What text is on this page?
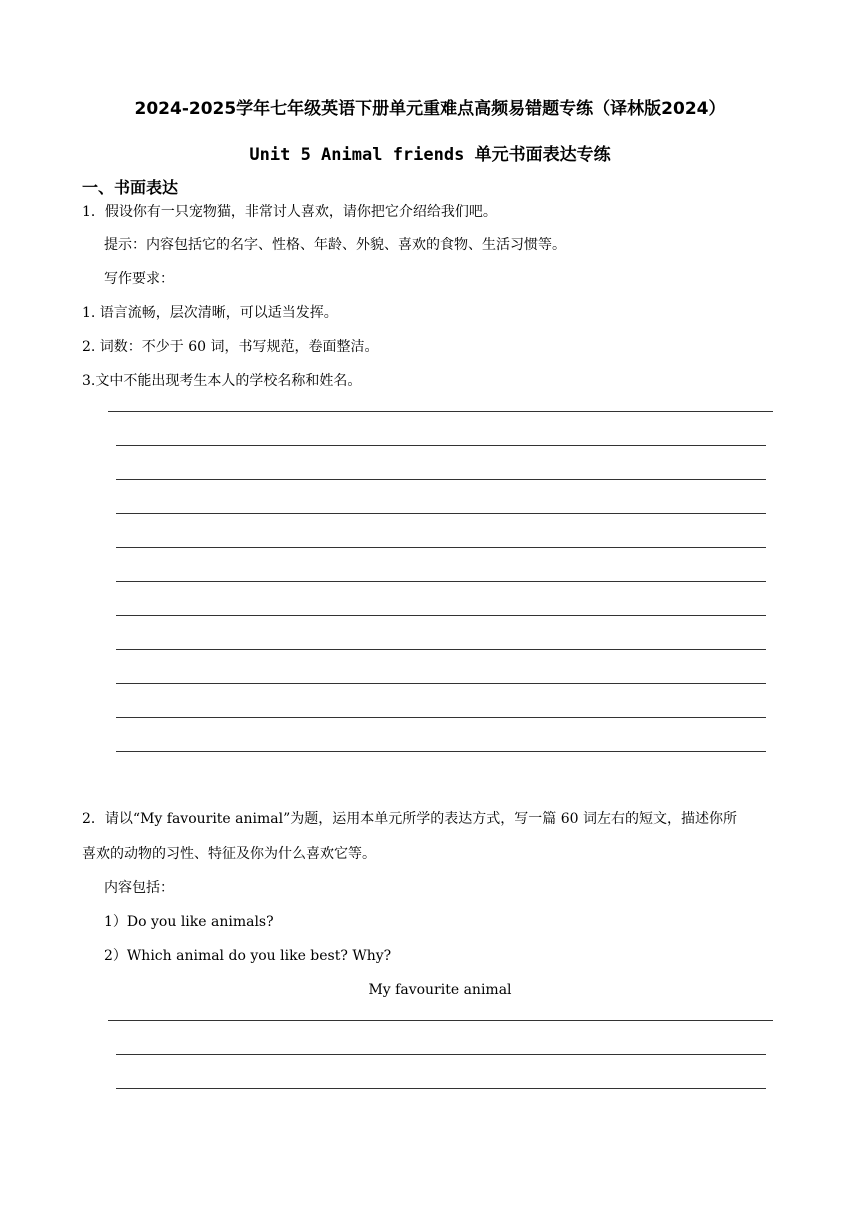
2024-2025学年七年级英语下册单元重难点高频易错题专练（译林版2024）
Unit 5 Animal friends 单元书面表达专练
一、书面表达
1．假设你有一只宠物猫，非常讨人喜欢，请你把它介绍给我们吧。
提示：内容包括它的名字、性格、年龄、外貌、喜欢的食物、生活习惯等。
写作要求：
1. 语言流畅，层次清晰，可以适当发挥。
2. 词数：不少于 60 词，书写规范，卷面整洁。
3.文中不能出现考生本人的学校名称和姓名。
2．请以“My favourite animal”为题，运用本单元所学的表达方式，写一篇 60 词左右的短文，描述你所
喜欢的动物的习性、特征及你为什么喜欢它等。
内容包括：
1）Do you like animals?
2）Which animal do you like best? Why?
My favourite animal
